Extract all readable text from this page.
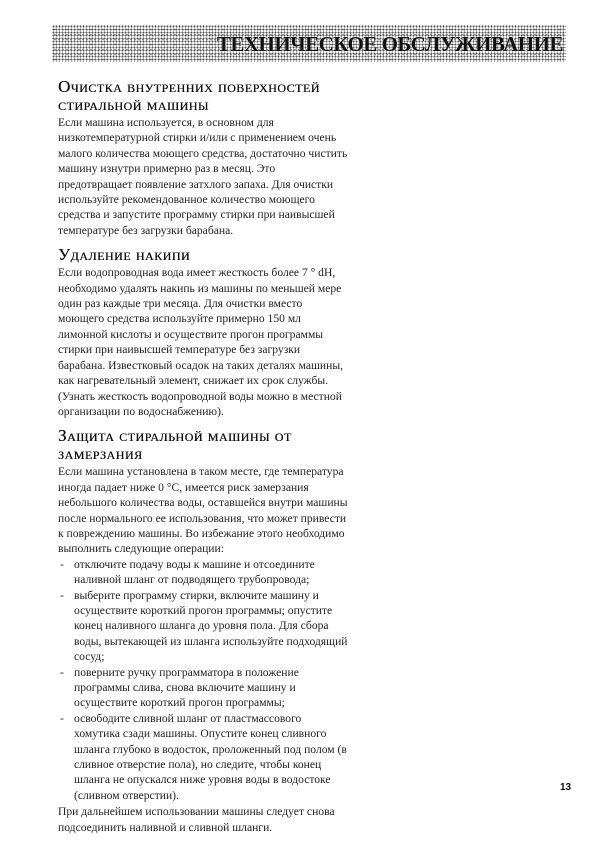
ТЕХНИЧЕСКОЕ ОБСЛУЖИВАНИЕ
Очистка внутренних поверхностей стиральной машины

Если машина используется, в основном для низкотемпературной стирки и/или с применением очень малого количества моющего средства, достаточно чистить машину изнутри примерно раз в месяц. Это предотвращает появление затхлого запаха. Для очистки используйте рекомендованное количество моющего средства и запустите программу стирки при наивысшей температуре без загрузки барабана.

Удаление накипи

Если водопроводная вода имеет жесткость более 7 ° dH, необходимо удалять накипь из машины по меньшей мере один раз каждые три месяца. Для очистки вместо моющего средства используйте примерно 150 мл лимонной кислоты и осуществите прогон программы стирки при наивысшей температуре без загрузки барабана. Известковый осадок на таких деталях машины, как нагревательный элемент, снижает их срок службы. (Узнать жесткость водопроводной воды можно в местной организации по водоснабжению).

Защита стиральной машины от замерзания

Если машина установлена в таком месте, где температура иногда падает ниже 0 °С, имеется риск замерзания небольшого количества воды, оставшейся внутри машины после нормального ее использования, что может привести к повреждению машины. Во избежание этого необходимо выполнить следующие операции:

- отключите подачу воды к машине и отсоедините наливной шланг от подводящего трубопровода;
- выберите программу стирки, включите машину и осуществите короткий прогон программы; опустите конец наливного шланга до уровня пола. Для сбора воды, вытекающей из шланга используйте подходящий сосуд;
- поверните ручку программатора в положение программы слива, снова включите машину и осуществите короткий прогон программы;
- освободите сливной шланг от пластмассового хомутика сзади машины. Опустите конец сливного шланга глубоко в водосток, проложенный под полом (в сливное отверстие пола), но следите, чтобы конец шланга не опускался ниже уровня воды в водостоке (сливном отверстии).

При дальнейшем использовании машины следует снова подсоединить наливной и сливной шланги.

13
